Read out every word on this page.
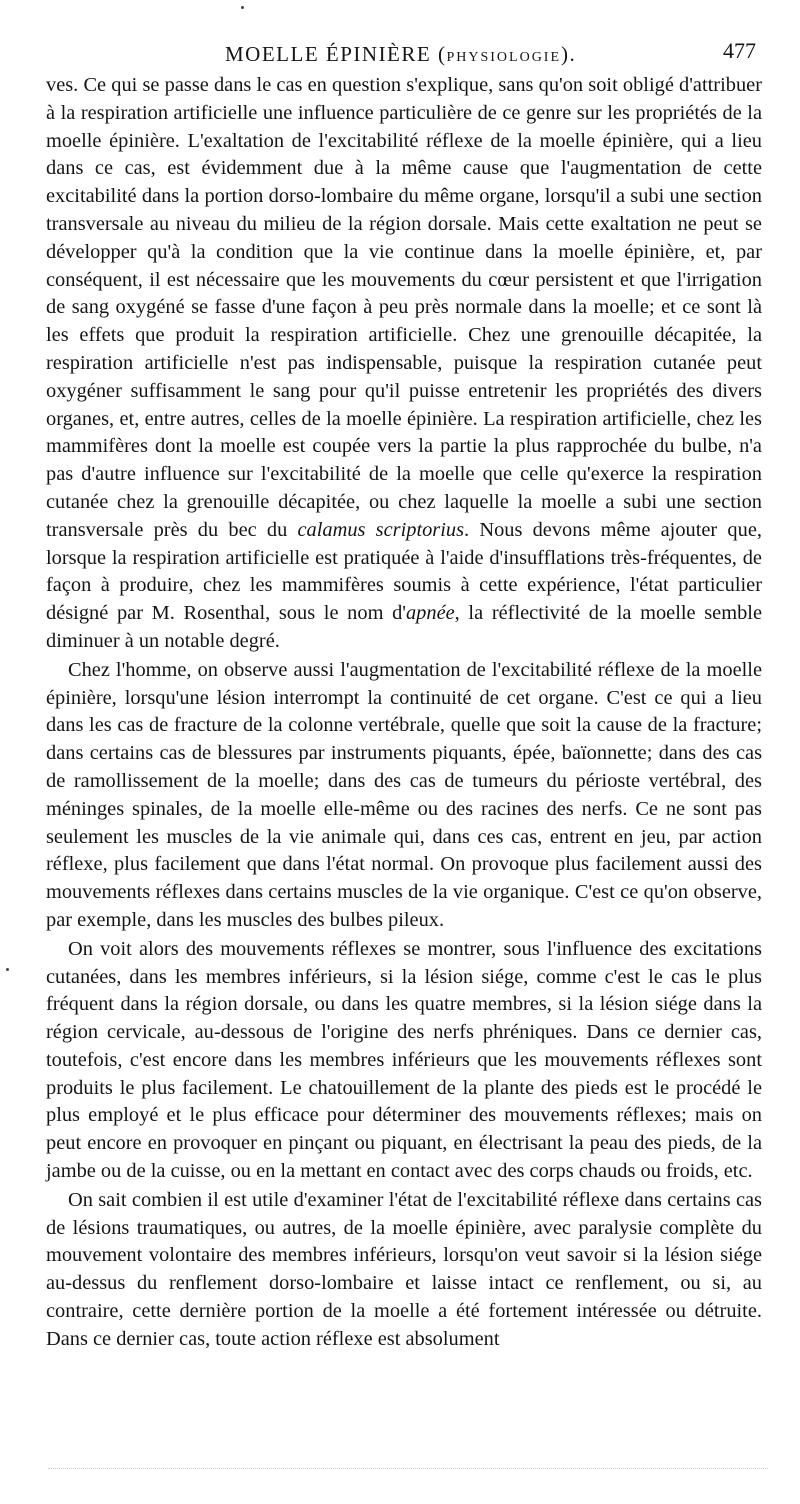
MOELLE ÉPINIÈRE (PHYSIOLOGIE).	477

ves. Ce qui se passe dans le cas en question s'explique, sans qu'on soit obligé d'attribuer à la respiration artificielle une influence particulière de ce genre sur les propriétés de la moelle épinière. L'exaltation de l'excitabilité réflexe de la moelle épinière, qui a lieu dans ce cas, est évidemment due à la même cause que l'augmentation de cette excitabilité dans la portion dorso-lombaire du même organe, lorsqu'il a subi une section transversale au niveau du milieu de la région dorsale. Mais cette exaltation ne peut se développer qu'à la condition que la vie continue dans la moelle épinière, et, par conséquent, il est nécessaire que les mouvements du cœur persistent et que l'irrigation de sang oxygéné se fasse d'une façon à peu près normale dans la moelle; et ce sont là les effets que produit la respiration artificielle. Chez une grenouille décapitée, la respiration artificielle n'est pas indispensable, puisque la respiration cutanée peut oxygéner suffisamment le sang pour qu'il puisse entretenir les propriétés des divers organes, et, entre autres, celles de la moelle épinière. La respiration artificielle, chez les mammifères dont la moelle est coupée vers la partie la plus rapprochée du bulbe, n'a pas d'autre influence sur l'excitabilité de la moelle que celle qu'exerce la respiration cutanée chez la grenouille décapitée, ou chez laquelle la moelle a subi une section transversale près du bec du calamus scriptorius. Nous devons même ajouter que, lorsque la respiration artificielle est pratiquée à l'aide d'insufflations très-fréquentes, de façon à produire, chez les mammifères soumis à cette expérience, l'état particulier désigné par M. Rosenthal, sous le nom d'apnée, la réflectivité de la moelle semble diminuer à un notable degré.

Chez l'homme, on observe aussi l'augmentation de l'excitabilité réflexe de la moelle épinière, lorsqu'une lésion interrompt la continuité de cet organe. C'est ce qui a lieu dans les cas de fracture de la colonne vertébrale, quelle que soit la cause de la fracture; dans certains cas de blessures par instruments piquants, épée, baïonnette; dans des cas de ramollissement de la moelle; dans des cas de tumeurs du périoste vertébral, des méninges spinales, de la moelle elle-même ou des racines des nerfs. Ce ne sont pas seulement les muscles de la vie animale qui, dans ces cas, entrent en jeu, par action réflexe, plus facilement que dans l'état normal. On provoque plus facilement aussi des mouvements réflexes dans certains muscles de la vie organique. C'est ce qu'on observe, par exemple, dans les muscles des bulbes pileux.

On voit alors des mouvements réflexes se montrer, sous l'influence des excitations cutanées, dans les membres inférieurs, si la lésion siége, comme c'est le cas le plus fréquent dans la région dorsale, ou dans les quatre membres, si la lésion siége dans la région cervicale, au-dessous de l'origine des nerfs phréniques. Dans ce dernier cas, toutefois, c'est encore dans les membres inférieurs que les mouvements réflexes sont produits le plus facilement. Le chatouillement de la plante des pieds est le procédé le plus employé et le plus efficace pour déterminer des mouvements réflexes; mais on peut encore en provoquer en pinçant ou piquant, en électrisant la peau des pieds, de la jambe ou de la cuisse, ou en la mettant en contact avec des corps chauds ou froids, etc.

On sait combien il est utile d'examiner l'état de l'excitabilité réflexe dans certains cas de lésions traumatiques, ou autres, de la moelle épinière, avec paralysie complète du mouvement volontaire des membres inférieurs, lorsqu'on veut savoir si la lésion siége au-dessus du renflement dorso-lombaire et laisse intact ce renflement, ou si, au contraire, cette dernière portion de la moelle a été fortement intéressée ou détruite. Dans ce dernier cas, toute action réflexe est absolument
